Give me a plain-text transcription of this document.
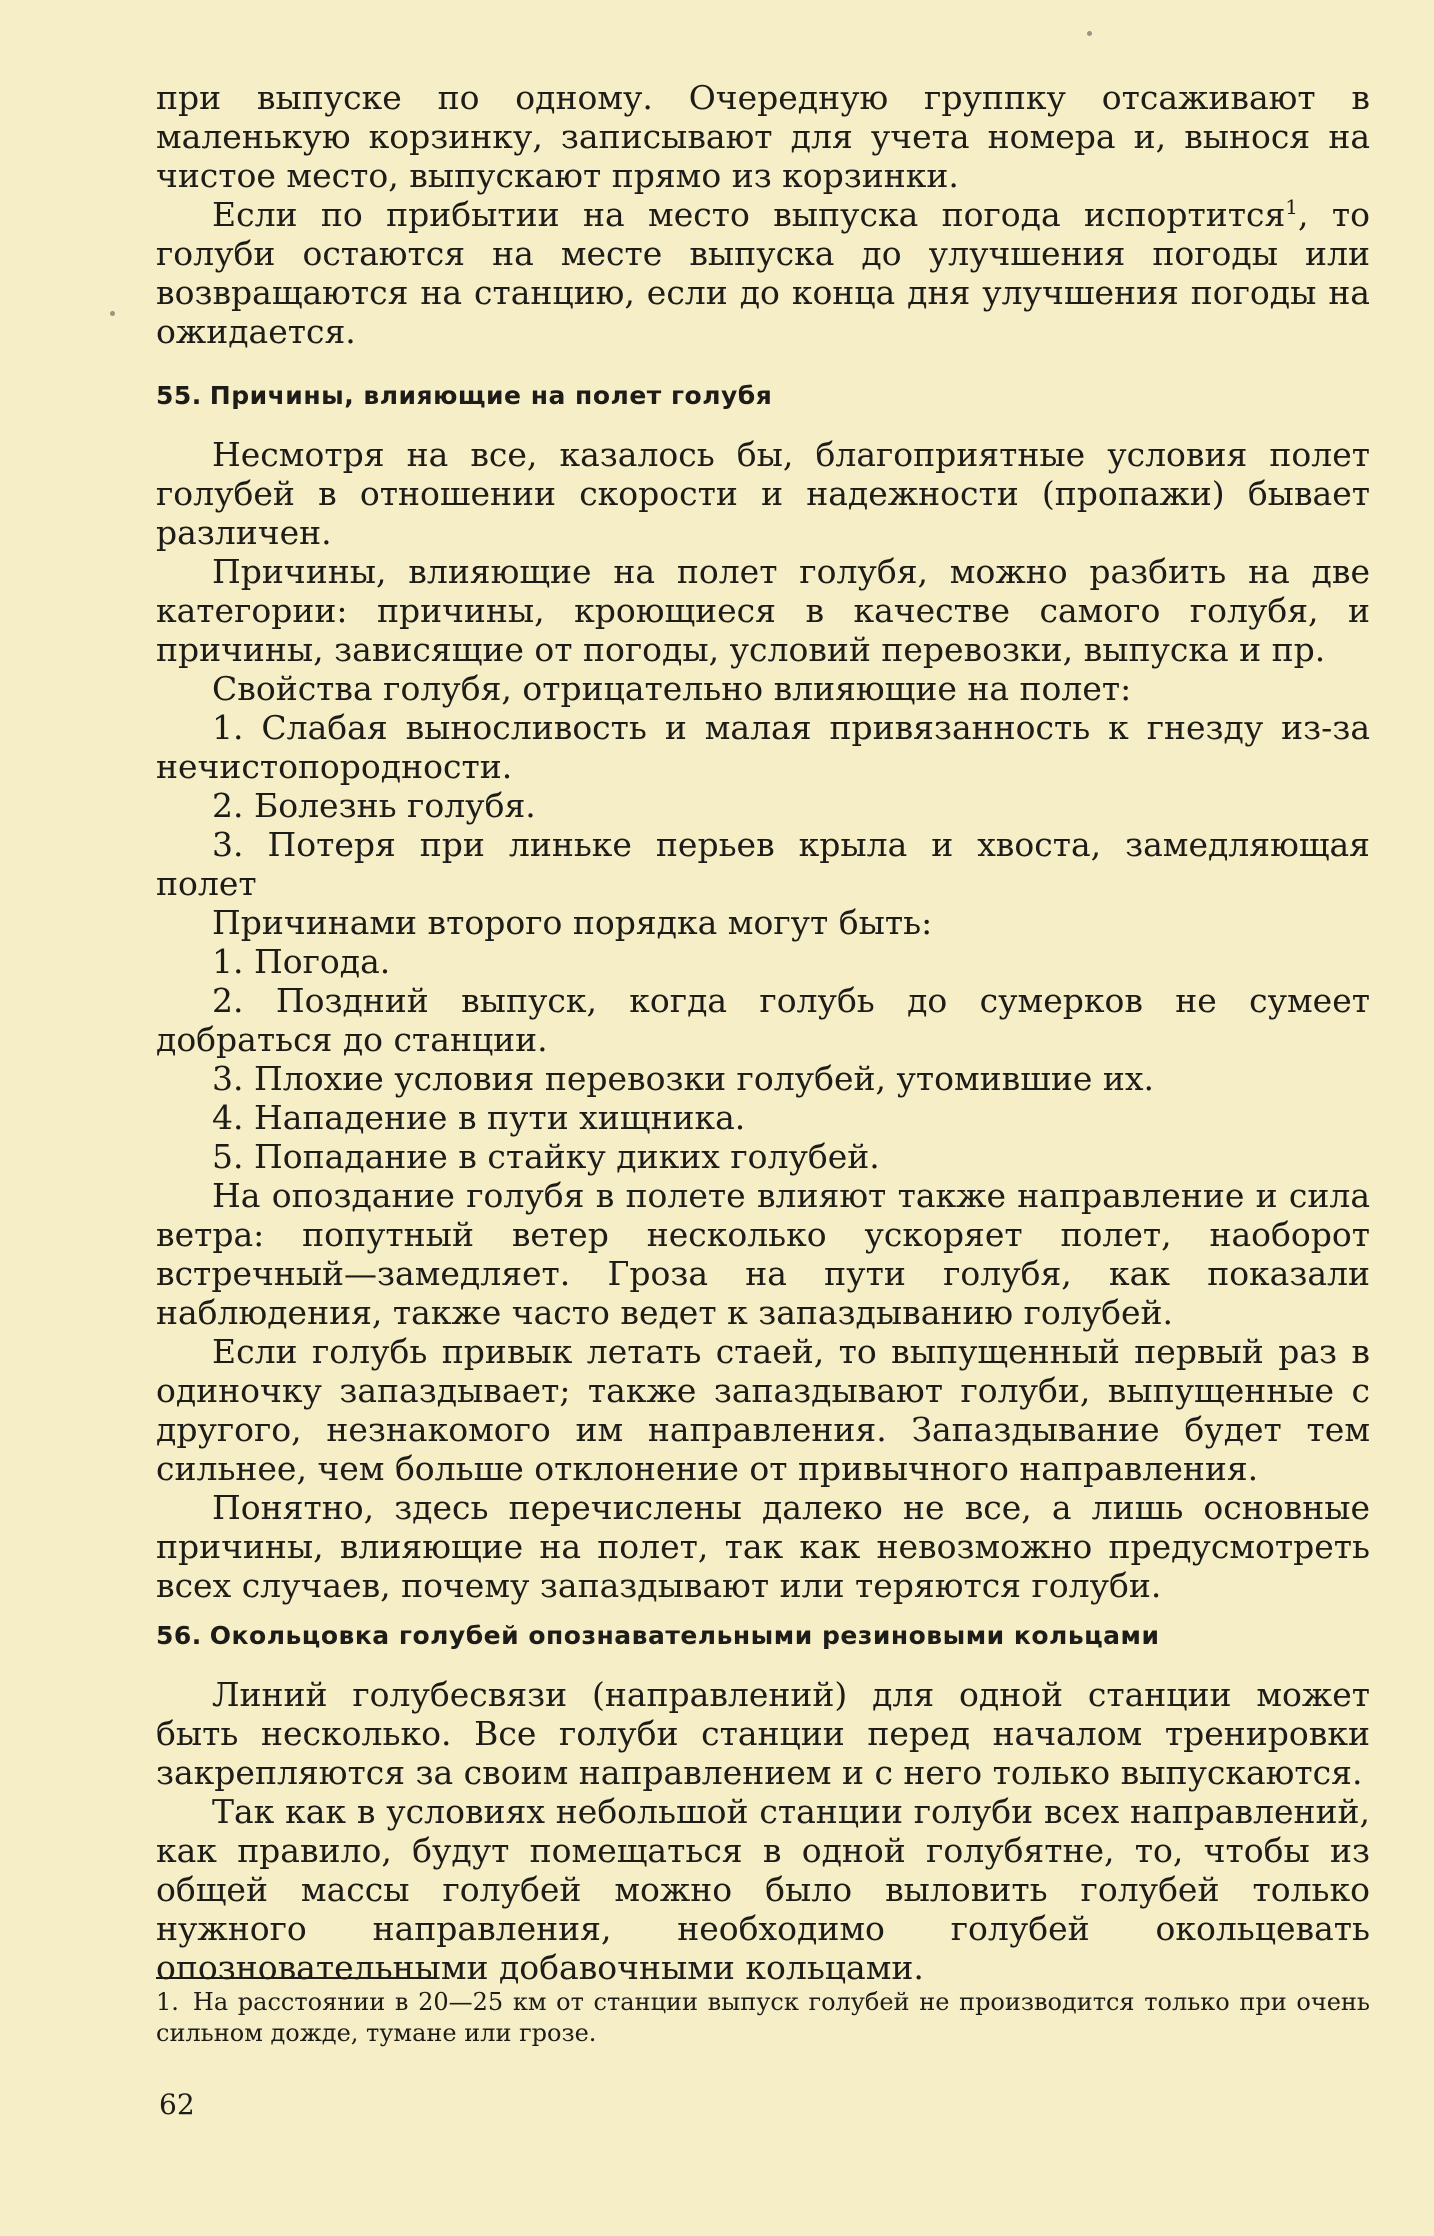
при выпуске по одному. Очередную группку отсаживают в маленькую корзинку, записывают для учета номера и, вынося на чистое место, выпускают прямо из корзинки.

Если по прибытии на место выпуска погода испортится$^1$, то голуби остаются на месте выпуска до улучшения погоды или возвращаются на станцию, если до конца дня улучшения погоды на ожидается.

55. Причины, влияющие на полет голубя

Несмотря на все, казалось бы, благоприятные условия полет голубей в отношении скорости и надежности (пропажи) бывает различен.

Причины, влияющие на полет голубя, можно разбить на две категории: причины, кроющиеся в качестве самого голубя, и причины, зависящие от погоды, условий перевозки, выпуска и пр.

Свойства голубя, отрицательно влияющие на полет:

1. Слабая выносливость и малая привязанность к гнезду из-за нечистопородности.

2. Болезнь голубя.

3. Потеря при линьке перьев крыла и хвоста, замедляющая полет

Причинами второго порядка могут быть:

1. Погода.

2. Поздний выпуск, когда голубь до сумерков не сумеет добраться до станции.

3. Плохие условия перевозки голубей, утомившие их.

4. Нападение в пути хищника.

5. Попадание в стайку диких голубей.

На опоздание голубя в полете влияют также направление и сила ветра: попутный ветер несколько ускоряет полет, наоборот встречный—замедляет. Гроза на пути голубя, как показали наблюдения, также часто ведет к запаздыванию голубей.

Если голубь привык летать стаей, то выпущенный первый раз в одиночку запаздывает; также запаздывают голуби, выпущенные с другого, незнакомого им направления. Запаздывание будет тем сильнее, чем больше отклонение от привычного направления.

Понятно, здесь перечислены далеко не все, а лишь основные причины, влияющие на полет, так как невозможно предусмотреть всех случаев, почему запаздывают или теряются голуби.

56. Окольцовка голубей опознавательными резиновыми кольцами

Линий голубесвязи (направлений) для одной станции может быть несколько. Все голуби станции перед началом тренировки закрепляются за своим направлением и с него только выпускаются.

Так как в условиях небольшой станции голуби всех направлений, как правило, будут помещаться в одной голубятне, то, чтобы из общей массы голубей можно было выловить голубей только нужного направления, необходимо голубей окольцевать опозновательными добавочными кольцами.

1. На расстоянии в 20—25 км от станции выпуск голубей не производится только при очень сильном дожде, тумане или грозе.
62
